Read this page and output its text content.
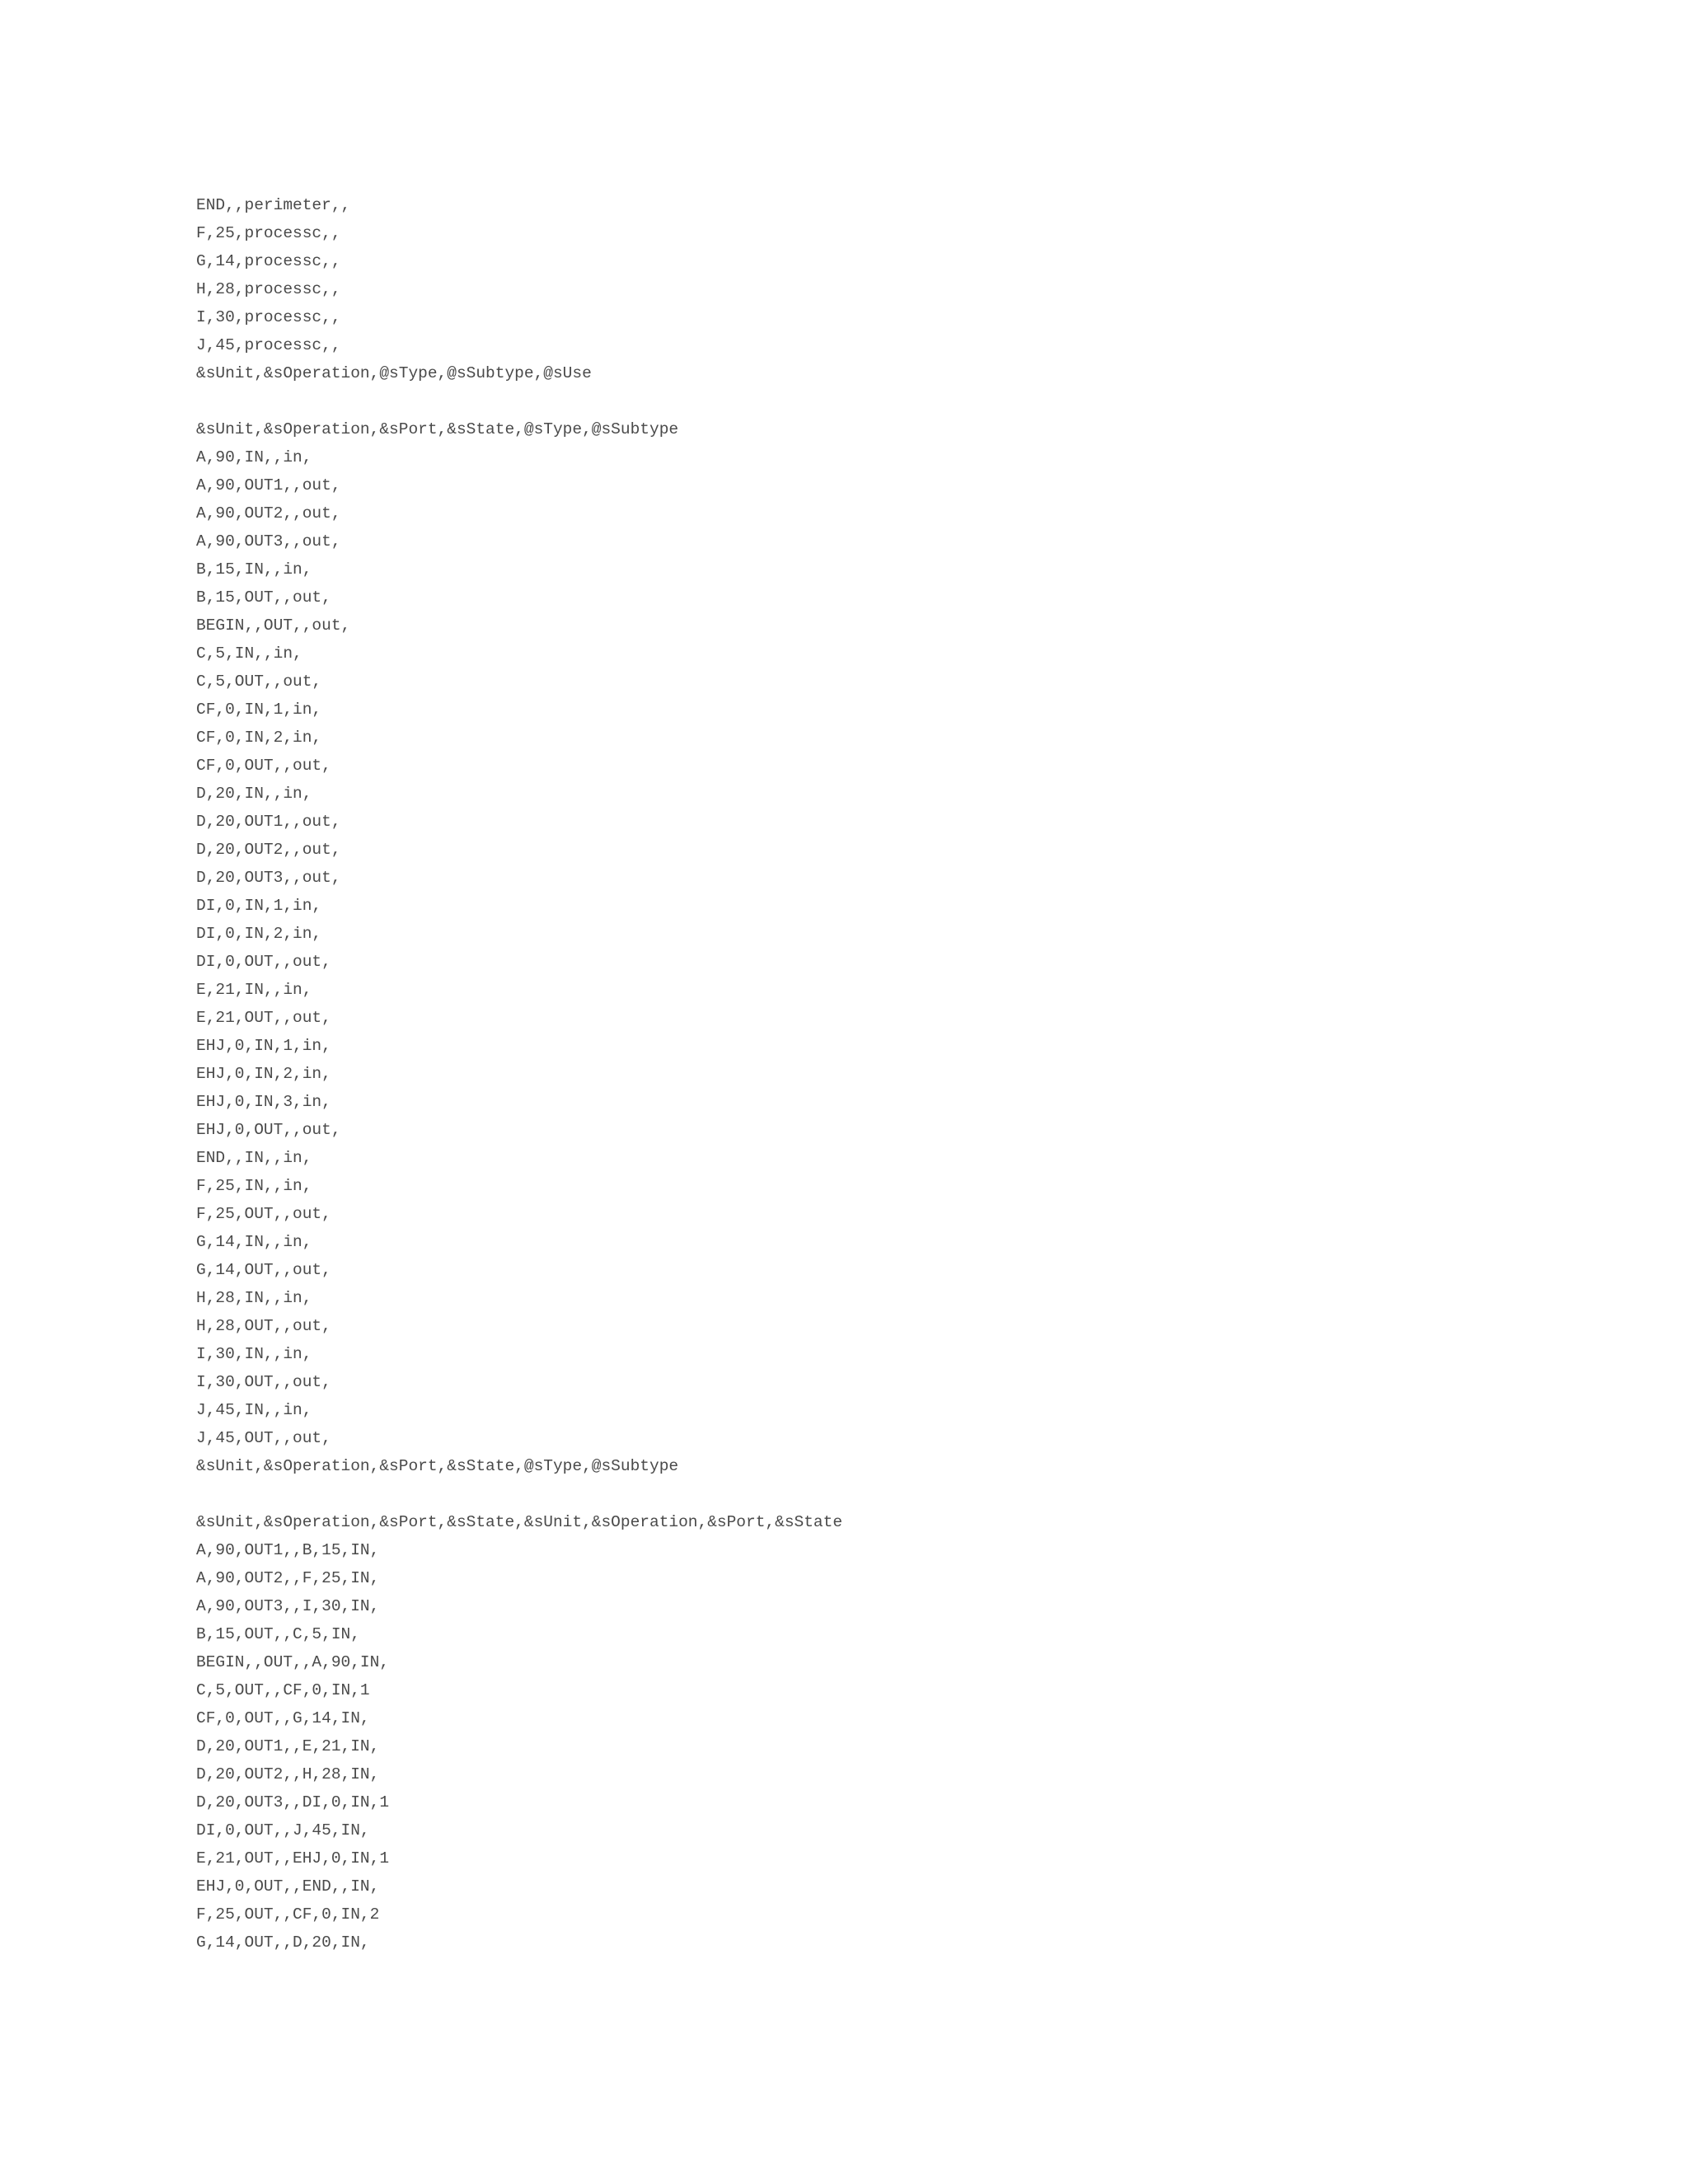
END,,perimeter,,
F,25,processc,,
G,14,processc,,
H,28,processc,,
I,30,processc,,
J,45,processc,,
&sUnit,&sOperation,@sType,@sSubtype,@sUse
&sUnit,&sOperation,&sPort,&sState,@sType,@sSubtype
A,90,IN,,in,
A,90,OUT1,,out,
A,90,OUT2,,out,
A,90,OUT3,,out,
B,15,IN,,in,
B,15,OUT,,out,
BEGIN,,OUT,,out,
C,5,IN,,in,
C,5,OUT,,out,
CF,0,IN,1,in,
CF,0,IN,2,in,
CF,0,OUT,,out,
D,20,IN,,in,
D,20,OUT1,,out,
D,20,OUT2,,out,
D,20,OUT3,,out,
DI,0,IN,1,in,
DI,0,IN,2,in,
DI,0,OUT,,out,
E,21,IN,,in,
E,21,OUT,,out,
EHJ,0,IN,1,in,
EHJ,0,IN,2,in,
EHJ,0,IN,3,in,
EHJ,0,OUT,,out,
END,,IN,,in,
F,25,IN,,in,
F,25,OUT,,out,
G,14,IN,,in,
G,14,OUT,,out,
H,28,IN,,in,
H,28,OUT,,out,
I,30,IN,,in,
I,30,OUT,,out,
J,45,IN,,in,
J,45,OUT,,out,
&sUnit,&sOperation,&sPort,&sState,@sType,@sSubtype
&sUnit,&sOperation,&sPort,&sState,&sUnit,&sOperation,&sPort,&sState
A,90,OUT1,,B,15,IN,
A,90,OUT2,,F,25,IN,
A,90,OUT3,,I,30,IN,
B,15,OUT,,C,5,IN,
BEGIN,,OUT,,A,90,IN,
C,5,OUT,,CF,0,IN,1
CF,0,OUT,,G,14,IN,
D,20,OUT1,,E,21,IN,
D,20,OUT2,,H,28,IN,
D,20,OUT3,,DI,0,IN,1
DI,0,OUT,,J,45,IN,
E,21,OUT,,EHJ,0,IN,1
EHJ,0,OUT,,END,,IN,
F,25,OUT,,CF,0,IN,2
G,14,OUT,,D,20,IN,
